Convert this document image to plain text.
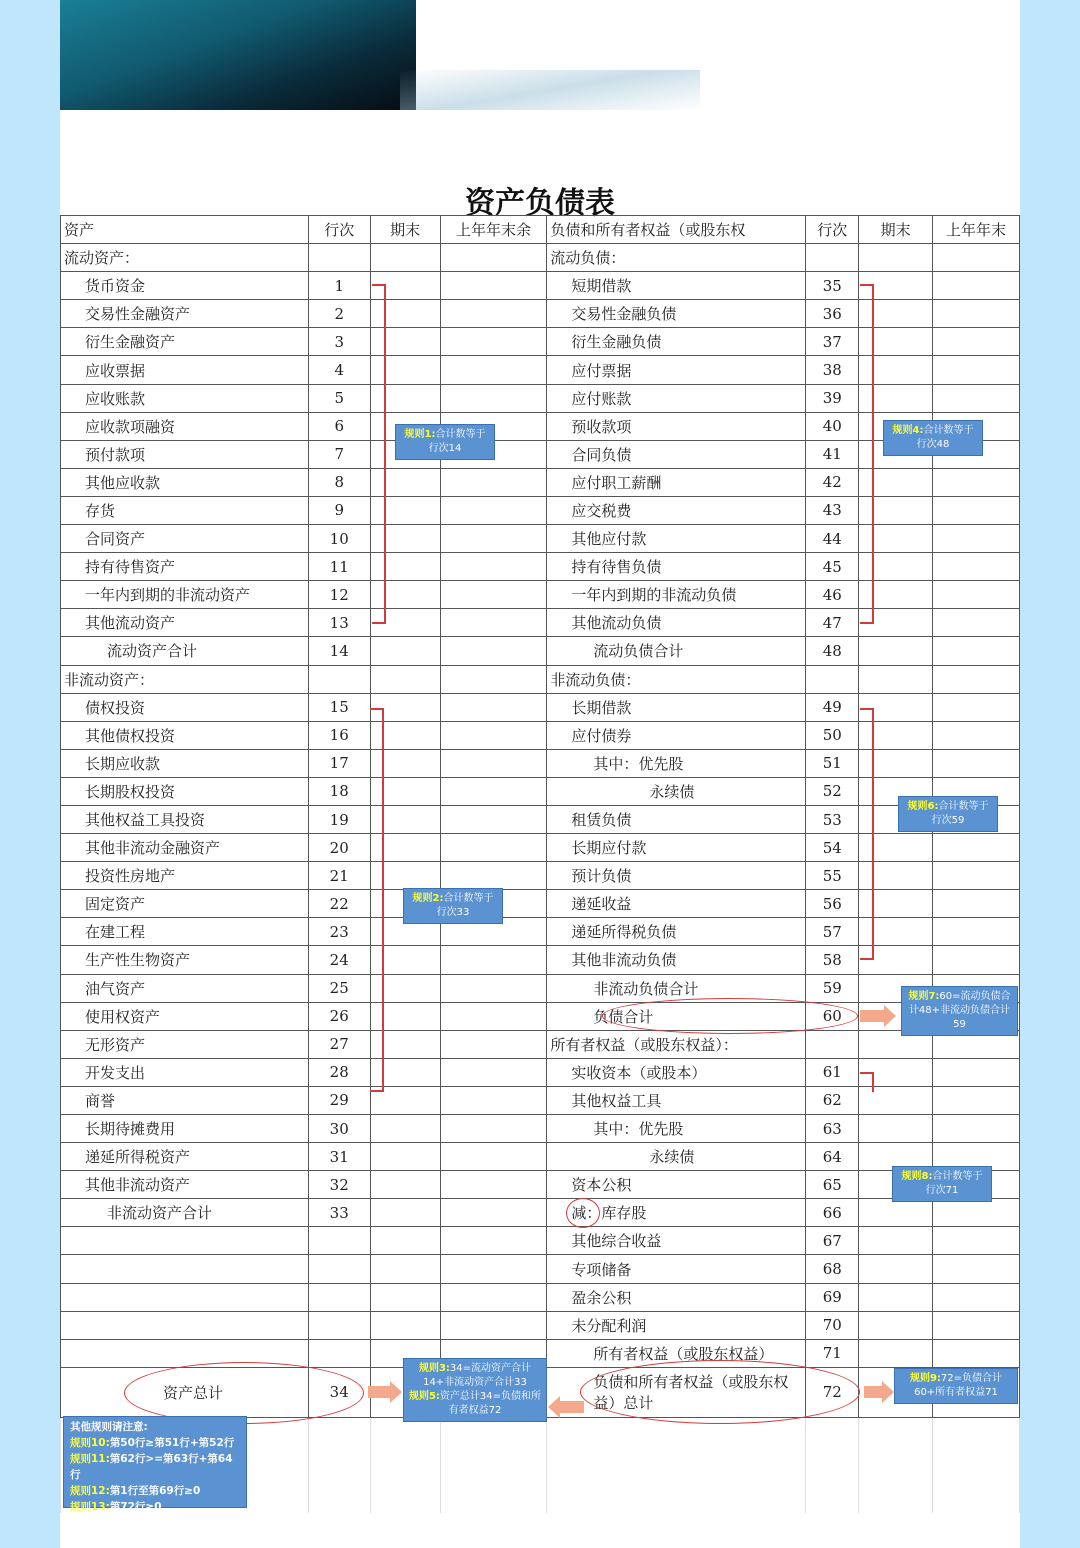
资产负债表
资产	行次	期末	上年年末余	负债和所有者权益（或股东权	行次	期末	上年年末
流动资产：				流动负债：			
货币资金	1			短期借款	35		
交易性金融资产	2			交易性金融负债	36		
衍生金融资产	3			衍生金融负债	37		
应收票据	4			应付票据	38		
应收账款	5			应付账款	39		
应收款项融资	6			预收款项	40		
预付款项	7			合同负债	41		
其他应收款	8			应付职工薪酬	42		
存货	9			应交税费	43		
合同资产	10			其他应付款	44		
持有待售资产	11			持有待售负债	45		
一年内到期的非流动资产	12			一年内到期的非流动负债	46		
其他流动资产	13			其他流动负债	47		
流动资产合计	14			流动负债合计	48		
非流动资产：				非流动负债：			
债权投资	15			长期借款	49		
其他债权投资	16			应付债券	50		
长期应收款	17			其中：优先股	51		
长期股权投资	18			永续债	52		
其他权益工具投资	19			租赁负债	53		
其他非流动金融资产	20			长期应付款	54		
投资性房地产	21			预计负债	55		
固定资产	22			递延收益	56		
在建工程	23			递延所得税负债	57		
生产性生物资产	24			其他非流动负债	58		
油气资产	25			非流动负债合计	59		
使用权资产	26			负债合计	60		
无形资产	27			所有者权益（或股东权益）：			
开发支出	28			实收资本（或股本）	61		
商誉	29			其他权益工具	62		
长期待摊费用	30			其中：优先股	63		
递延所得税资产	31			永续债	64		
其他非流动资产	32			资本公积	65		
非流动资产合计	33			减：库存股	66		
				其他综合收益	67		
				专项储备	68		
				盈余公积	69		
				未分配利润	70		
				所有者权益（或股东权益）	71		
资产总计	34			负债和所有者权益（或股东权益）总计	72		

规则1:合计数等于行次14
规则4:合计数等于行次48
规则2:合计数等于行次33
规则6:合计数等于行次59
规则7:60=流动负债合计48+非流动负债合计59
规则8:合计数等于行次71
规则3:34=流动资产合计14+非流动资产合计33
规则5:资产总计34=负债和所有者权益72
规则9:72=负债合计60+所有者权益71
其他规则请注意:
规则10:第50行≥第51行+第52行
规则11:第62行>=第63行+第64行
规则12:第1行至第69行≥0
规则13:第72行≥0
